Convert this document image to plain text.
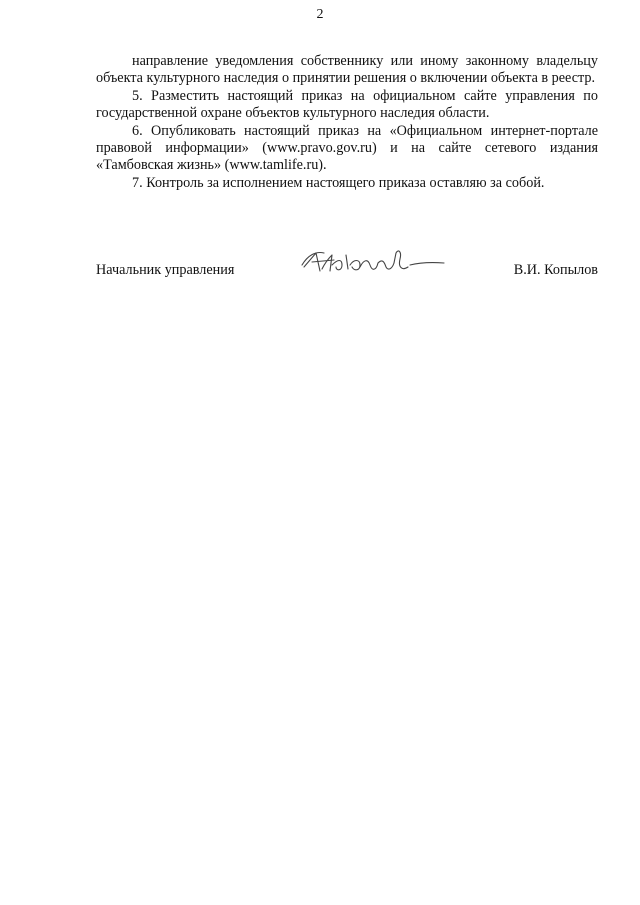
2

направление уведомления собственнику или иному законному владельцу объекта культурного наследия о принятии решения о включении объекта в реестр.

5. Разместить настоящий приказ на официальном сайте управления по государственной охране объектов культурного наследия области.

6. Опубликовать настоящий приказ на «Официальном интернет-портале правовой информации» (www.pravo.gov.ru) и на сайте сетевого издания «Тамбовская жизнь» (www.tamlife.ru).

7. Контроль за исполнением настоящего приказа оставляю за собой.

Начальник управления	В.И. Копылов
